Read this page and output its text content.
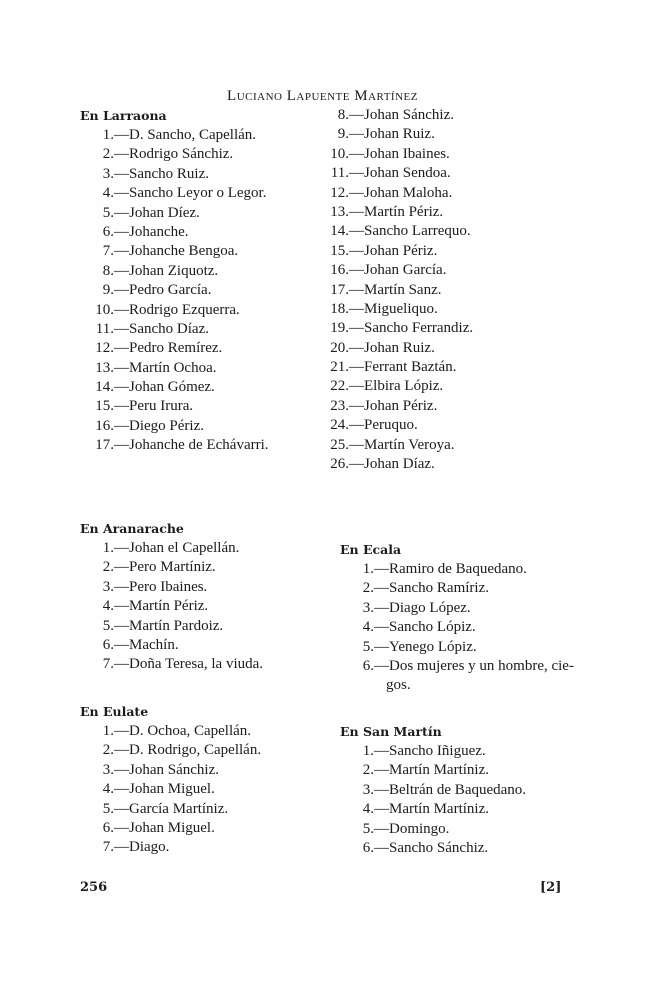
Luciano Lapuente Martínez
En Larraona
1. —D. Sancho, Capellán.
2. —Rodrigo Sánchiz.
3. —Sancho Ruiz.
4. —Sancho Leyor o Legor.
5. —Johan Díez.
6. —Johanche.
7. —Johanche Bengoa.
8. —Johan Ziquotz.
9. —Pedro García.
10. —Rodrigo Ezquerra.
11. —Sancho Díaz.
12. —Pedro Remírez.
13. —Martín Ochoa.
14. —Johan Gómez.
15. —Peru Irura.
16. —Diego Périz.
17. —Johanche de Echávarri.
En Aranarache
1. —Johan el Capellán.
2. —Pero Martíniz.
3. —Pero Ibaines.
4. —Martín Périz.
5. —Martín Pardoiz.
6. —Machín.
7. —Doña Teresa, la viuda.
En Eulate
1. —D. Ochoa, Capellán.
2. —D. Rodrigo, Capellán.
3. —Johan Sánchiz.
4. —Johan Miguel.
5. —García Martíniz.
6. —Johan Miguel.
7. —Diago.
8. —Johan Sánchiz.
9. —Johan Ruiz.
10. —Johan Ibaines.
11. —Johan Sendoa.
12. —Johan Maloha.
13. —Martín Périz.
14. —Sancho Larrequo.
15. —Johan Périz.
16. —Johan García.
17. —Martín Sanz.
18. —Migueliquo.
19. —Sancho Ferrandiz.
20. —Johan Ruiz.
21. —Ferrant Baztán.
22. —Elbira Lópiz.
23. —Johan Périz.
24. —Peruquo.
25. —Martín Veroya.
26. —Johan Díaz.
En Ecala
1. —Ramiro de Baquedano.
2. —Sancho Ramíriz.
3. —Diago López.
4. —Sancho Lópiz.
5. —Yenego Lópiz.
6. —Dos mujeres y un hombre, cie-
gos.
En San Martín
1. —Sancho Iñiguez.
2. —Martín Martíniz.
3. —Beltrán de Baquedano.
4. —Martín Martíniz.
5. —Domingo.
6. —Sancho Sánchiz.
256	[2]
